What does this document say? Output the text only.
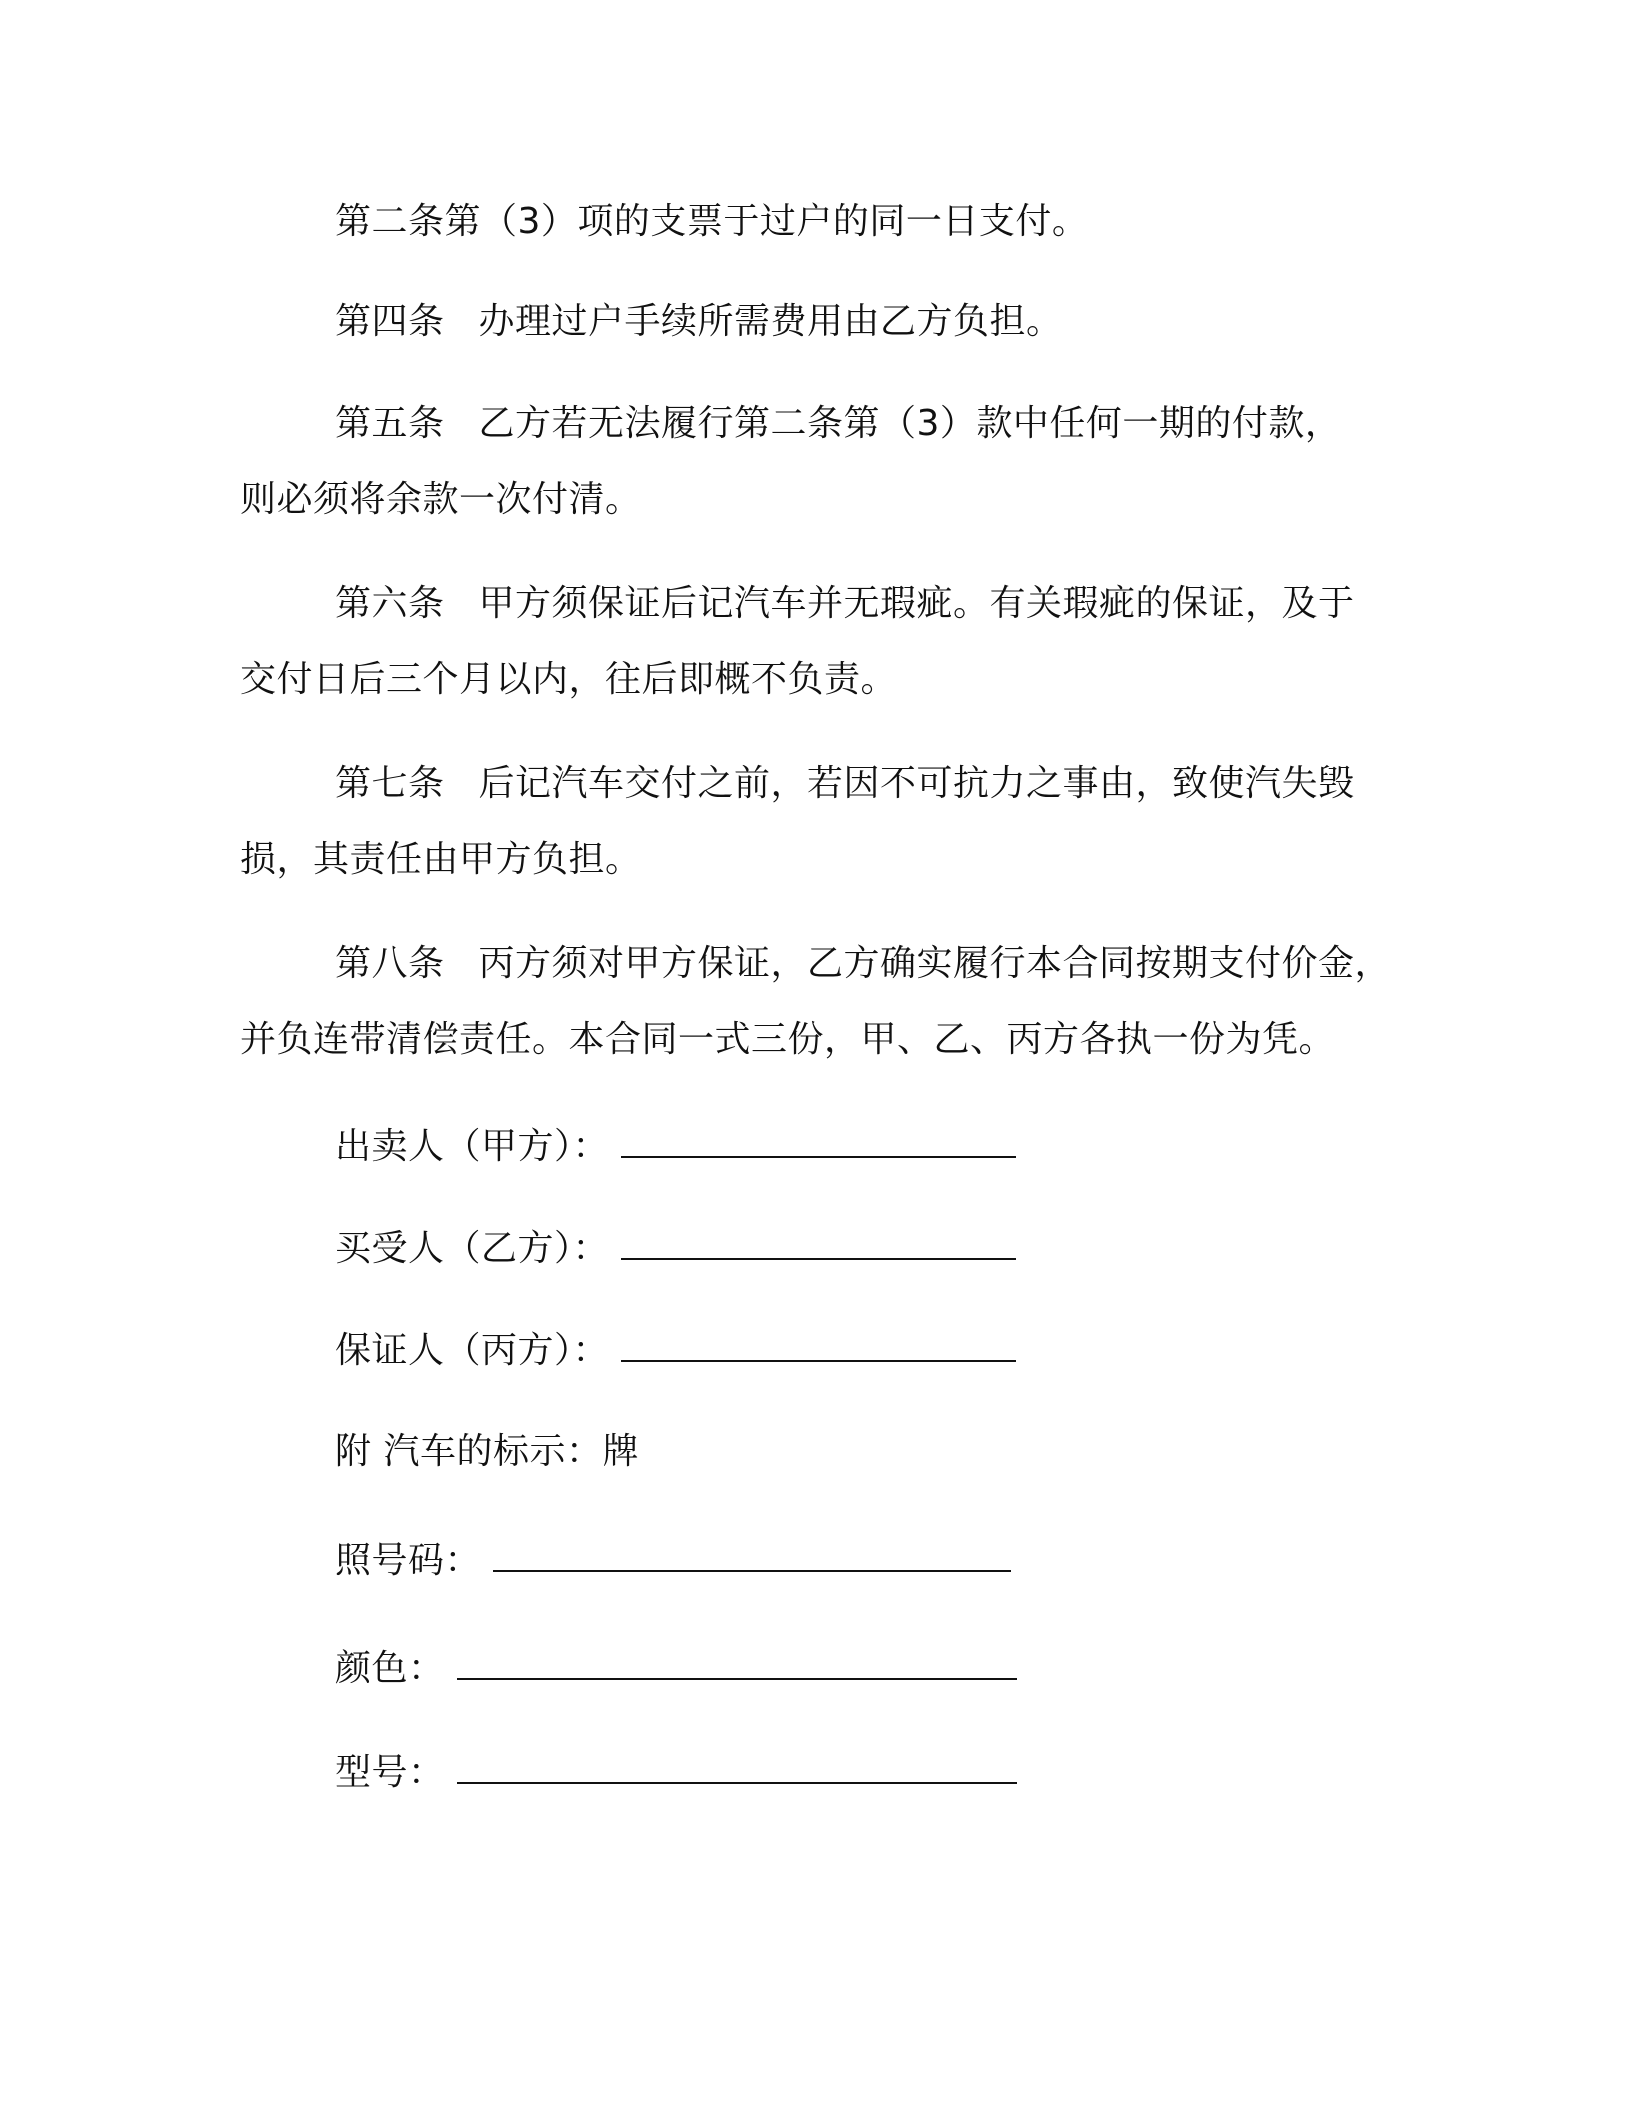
第二条第（3）项的支票于过户的同一日支付。
第四条 办理过户手续所需费用由乙方负担。
第五条 乙方若无法履行第二条第（3）款中任何一期的付款，
则必须将余款一次付清。
第六条 甲方须保证后记汽车并无瑕疵。有关瑕疵的保证，及于
交付日后三个月以内，往后即概不负责。
第七条 后记汽车交付之前，若因不可抗力之事由，致使汽失毁
损，其责任由甲方负担。
第八条 丙方须对甲方保证，乙方确实履行本合同按期支付价金，
并负连带清偿责任。本合同一式三份，甲、乙、丙方各执一份为凭。
出卖人（甲方）：
买受人（乙方）：
保证人（丙方）：
附 汽车的标示：牌
照号码：
颜色：
型号：
